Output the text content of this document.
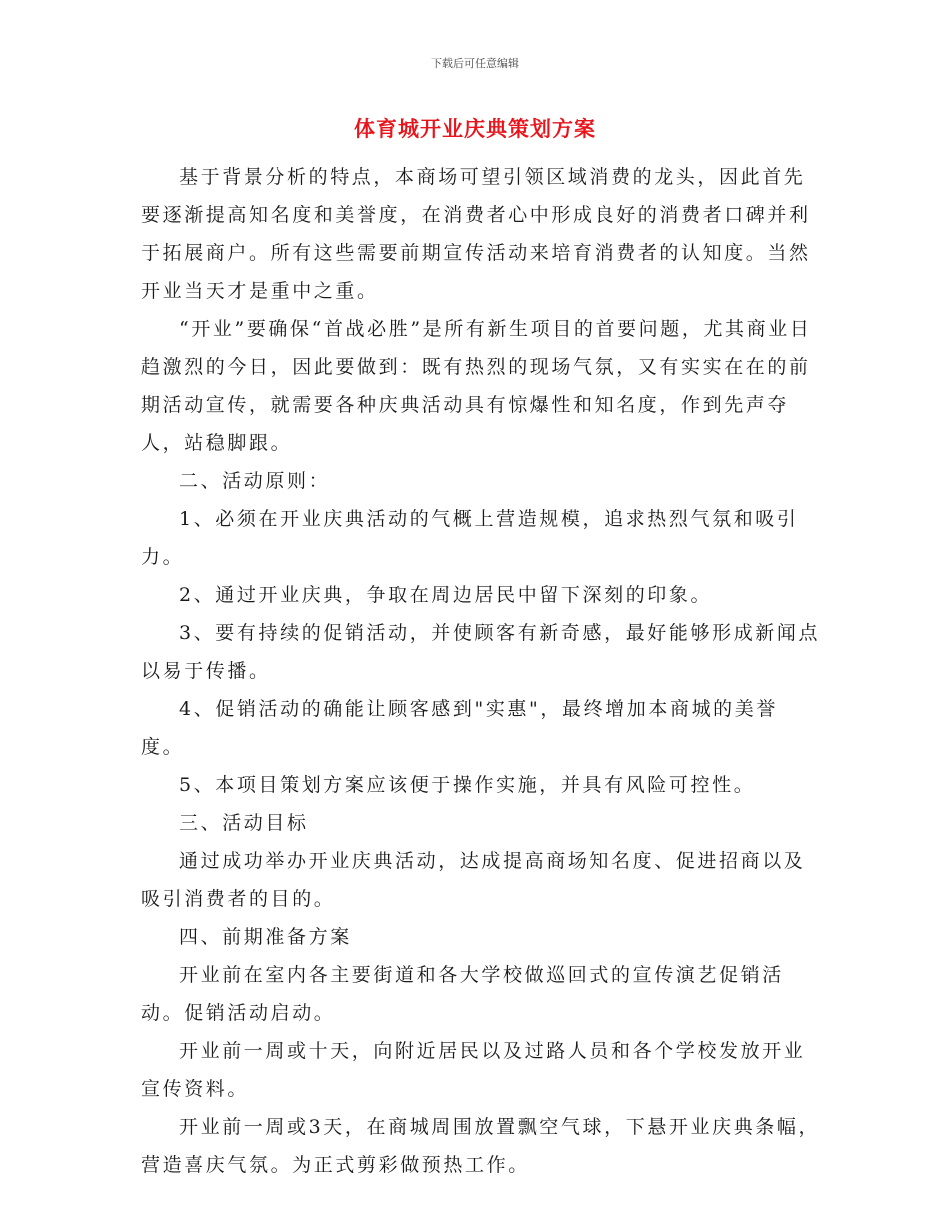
下载后可任意编辑
体育城开业庆典策划方案

基于背景分析的特点，本商场可望引领区域消费的龙头，因此首先要逐渐提高知名度和美誉度，在消费者心中形成良好的消费者口碑并利于拓展商户。所有这些需要前期宣传活动来培育消费者的认知度。当然开业当天才是重中之重。

“开业”要确保“首战必胜”是所有新生项目的首要问题，尤其商业日趋激烈的今日，因此要做到：既有热烈的现场气氛，又有实实在在的前期活动宣传，就需要各种庆典活动具有惊爆性和知名度，作到先声夺人，站稳脚跟。

二、活动原则：

1、必须在开业庆典活动的气概上营造规模，追求热烈气氛和吸引力。

2、通过开业庆典，争取在周边居民中留下深刻的印象。

3、要有持续的促销活动，并使顾客有新奇感，最好能够形成新闻点以易于传播。

4、促销活动的确能让顾客感到"实惠"，最终增加本商城的美誉度。

5、本项目策划方案应该便于操作实施，并具有风险可控性。

三、活动目标

通过成功举办开业庆典活动，达成提高商场知名度、促进招商以及吸引消费者的目的。

四、前期准备方案

开业前在室内各主要街道和各大学校做巡回式的宣传演艺促销活动。促销活动启动。

开业前一周或十天，向附近居民以及过路人员和各个学校发放开业宣传资料。

开业前一周或3天，在商城周围放置飘空气球，下悬开业庆典条幅，营造喜庆气氛。为正式剪彩做预热工作。
